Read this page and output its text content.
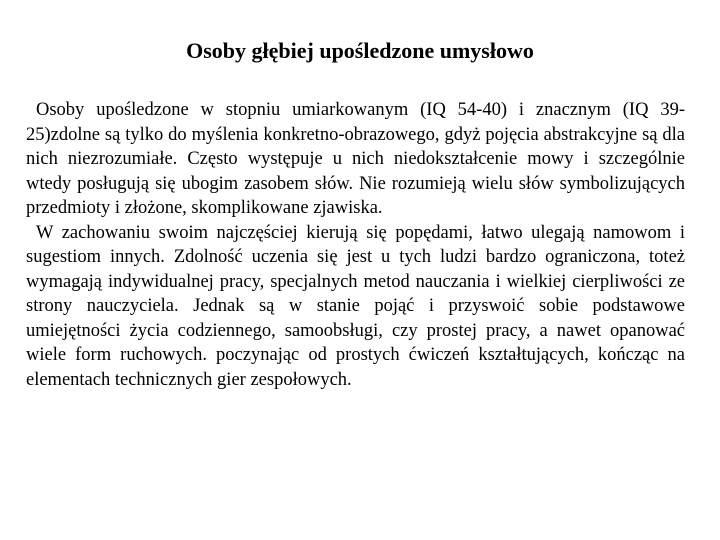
Osoby głębiej upośledzone umysłowo

Osoby upośledzone w stopniu umiarkowanym (IQ 54-40) i znacznym (IQ 39-25)zdolne są tylko do myślenia konkretno-obrazowego, gdyż pojęcia abstrakcyjne są dla nich niezrozumiałe. Często występuje u nich niedokształcenie mowy i szczególnie wtedy posługują się ubogim zasobem słów. Nie rozumieją wielu słów symbolizujących przedmioty i złożone, skomplikowane zjawiska.

W zachowaniu swoim najczęściej kierują się popędami, łatwo ulegają namowom i sugestiom innych. Zdolność uczenia się jest u tych ludzi bardzo ograniczona, toteż wymagają indywidualnej pracy, specjalnych metod nauczania i wielkiej cierpliwości ze strony nauczyciela. Jednak są w stanie pojąć i przyswoić sobie podstawowe umiejętności życia codziennego, samoobsługi, czy prostej pracy, a nawet opanować wiele form ruchowych. poczynając od prostych ćwiczeń kształtujących, kończąc na elementach technicznych gier zespołowych.
